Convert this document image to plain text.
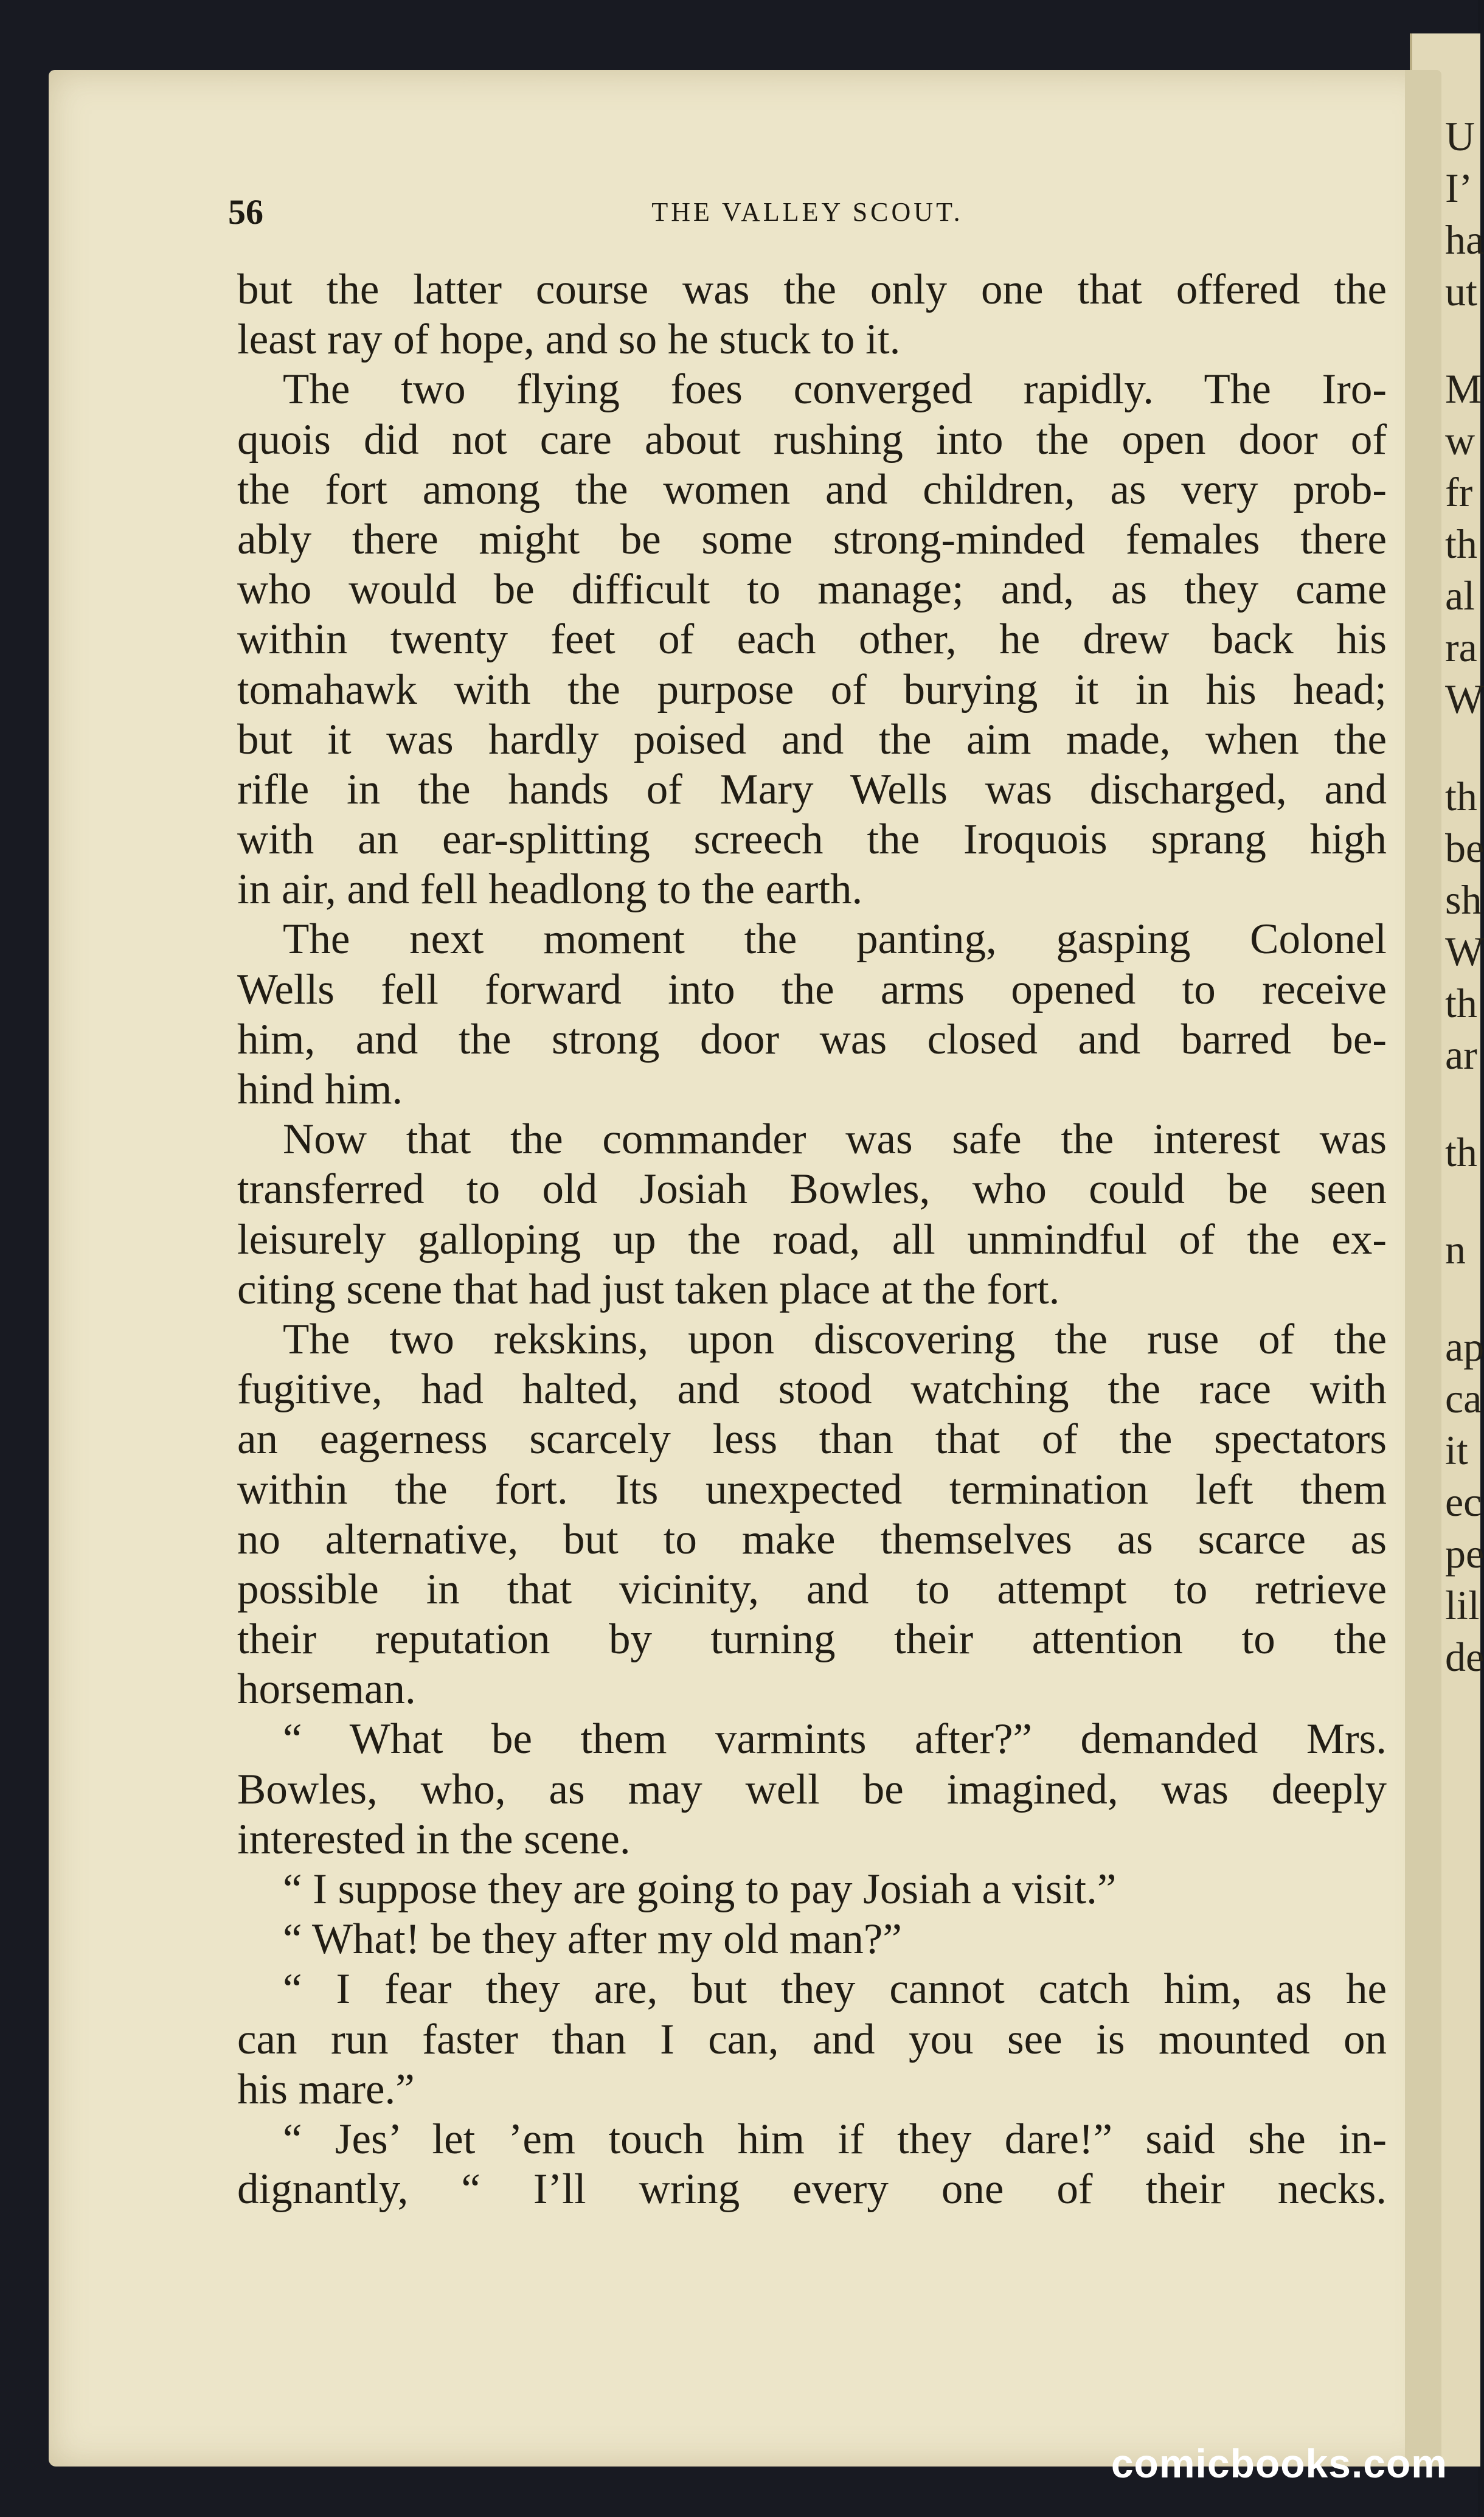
U
I’
ha
ut
M
w
fr
th
al
ra
W
th
be
sh
W
th
ar
th
n
ap
ca
it
ec
pe
lil
de
56	THE VALLEY SCOUT.
but the latter course was the only one that offered the
least ray of hope, and so he stuck to it.
The two flying foes converged rapidly. The Iro-
quois did not care about rushing into the open door of
the fort among the women and children, as very prob-
ably there might be some strong-minded females there
who would be difficult to manage; and, as they came
within twenty feet of each other, he drew back his
tomahawk with the purpose of burying it in his head;
but it was hardly poised and the aim made, when the
rifle in the hands of Mary Wells was discharged, and
with an ear-splitting screech the Iroquois sprang high
in air, and fell headlong to the earth.
The next moment the panting, gasping Colonel
Wells fell forward into the arms opened to receive
him, and the strong door was closed and barred be-
hind him.
Now that the commander was safe the interest was
transferred to old Josiah Bowles, who could be seen
leisurely galloping up the road, all unmindful of the ex-
citing scene that had just taken place at the fort.
The two rekskins, upon discovering the ruse of the
fugitive, had halted, and stood watching the race with
an eagerness scarcely less than that of the spectators
within the fort. Its unexpected termination left them
no alternative, but to make themselves as scarce as
possible in that vicinity, and to attempt to retrieve
their reputation by turning their attention to the
horseman.
“ What be them varmints after?” demanded Mrs.
Bowles, who, as may well be imagined, was deeply
interested in the scene.
“ I suppose they are going to pay Josiah a visit.”
“ What! be they after my old man?”
“ I fear they are, but they cannot catch him, as he
can run faster than I can, and you see is mounted on
his mare.”
“ Jes’ let ’em touch him if they dare!” said she in-
dignantly, “ I’ll wring every one of their necks.
comicbooks.com
